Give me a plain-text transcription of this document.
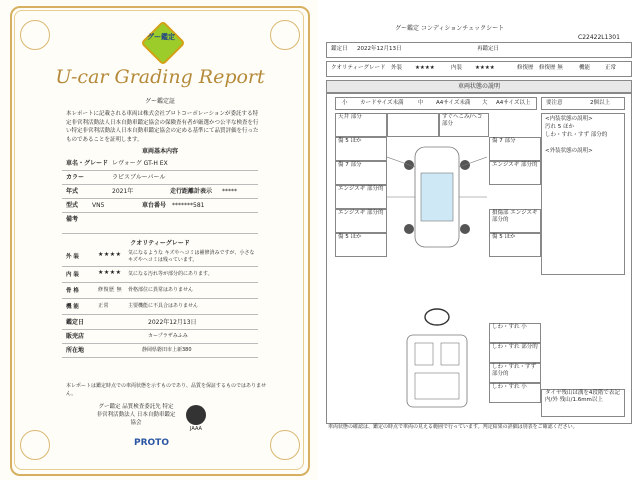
グー鑑定
U-car Grading Report
グー鑑定証
本レポートに記載される車両は株式会社プロトコーポレーションが委託する特定非営利活動法人日本自動車鑑定協会の保険査有者が厳選かつ公平な検査を行い特定非営利活動法人日本自動車鑑定協会の定める基準にて品質評価を行ったものであることを証明します。
車両基本内容
車名・グレード レヴォーグ GT-H EX
カラー	ラピスブルーパール
年式	2021年	走行距離計表示 *****
型式 VN5	車台番号 *******581
備考
クオリティーグレード
外 装	★★★★ 気になるような キズやヘコミは補修済みですが、小さなキズやヘコミは残っています。
内 装	★★★★ 気になる汚れ等が部分的にあります。
骨 格	修復歴 無 骨格部位に異常はありません
機 能	正常	主要機能に不具合はありません
鑑定日	2022年12月13日
販売店	カープラザみふみ
所在地	静岡県磐田市上新380
本レポートは鑑定時点での車両状態を示すものであり、品質を保証するものではありません。
グー鑑定 品質検査委託先 特定非営利活動法人 日本自動車鑑定協会
JAAA
PROTO
グー鑑定 コンディションチェックシート
C22422L1301
鑑定日 2022年12月13日	再鑑定日
クオリティーグレード 外装 ★★★★	内装 ★★★★	修復歴 修復歴 無	機能	正常
車両状態の説明
小 カードサイズ未満	中 A4サイズ未満 大 A4サイズ以上	要注意	2個以上
天井 部分
傷 5 ほか
傷 7 部分
エンジスギ 部分的
エンジスギ 部分的
傷 5 ほか
すぐへこみ/ヘコ 部分
傷 7 部分
エンジスギ 部分的
損傷部 エンジスギ 部分的
傷 5 ほか
<内装状態の説明>
汚れ 5 ほか
しわ・すれ・すず 部分的
<外装状態の説明>
しわ・すれ 小
しわ・すれ 部分的
しわ・すれ・すず 部分的
しわ・すれ 小
タイヤ残山は溝を4段階で表記 内/外 残山/1.6mm以上
車両状態の確認は、鑑定の時点で車両の見える範囲で行っています。判定結果の詳細は別表をご確認ください。
